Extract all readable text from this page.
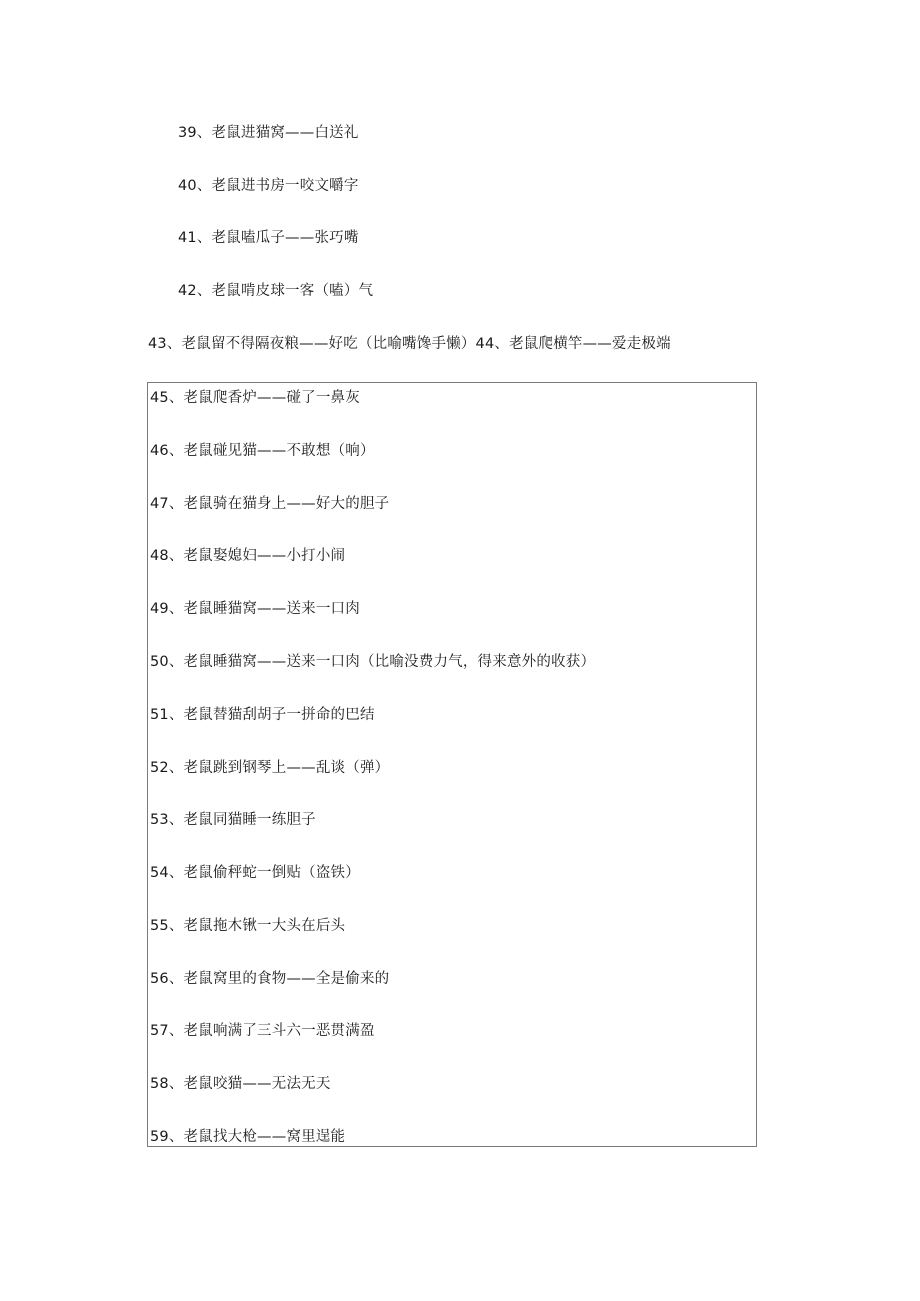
39、老鼠进猫窝——白送礼
40、老鼠进书房一咬文嚼字
41、老鼠嗑瓜子——张巧嘴
42、老鼠啃皮球一客（嗑）气
43、老鼠留不得隔夜粮——好吃（比喻嘴馋手懒）44、老鼠爬横竿——爱走极端
45、老鼠爬香炉——碰了一鼻灰
46、老鼠碰见猫——不敢想（响）
47、老鼠骑在猫身上——好大的胆子
48、老鼠娶媳妇——小打小闹
49、老鼠睡猫窝——送来一口肉
50、老鼠睡猫窝——送来一口肉（比喻没费力气，得来意外的收获）
51、老鼠替猫刮胡子一拼命的巴结
52、老鼠跳到钢琴上——乱谈（弹）
53、老鼠同猫睡一练胆子
54、老鼠偷秤蛇一倒贴（盗铁）
55、老鼠拖木锹一大头在后头
56、老鼠窝里的食物——全是偷来的
57、老鼠响满了三斗六一恶贯满盈
58、老鼠咬猫——无法无天
59、老鼠找大枪——窝里逞能
